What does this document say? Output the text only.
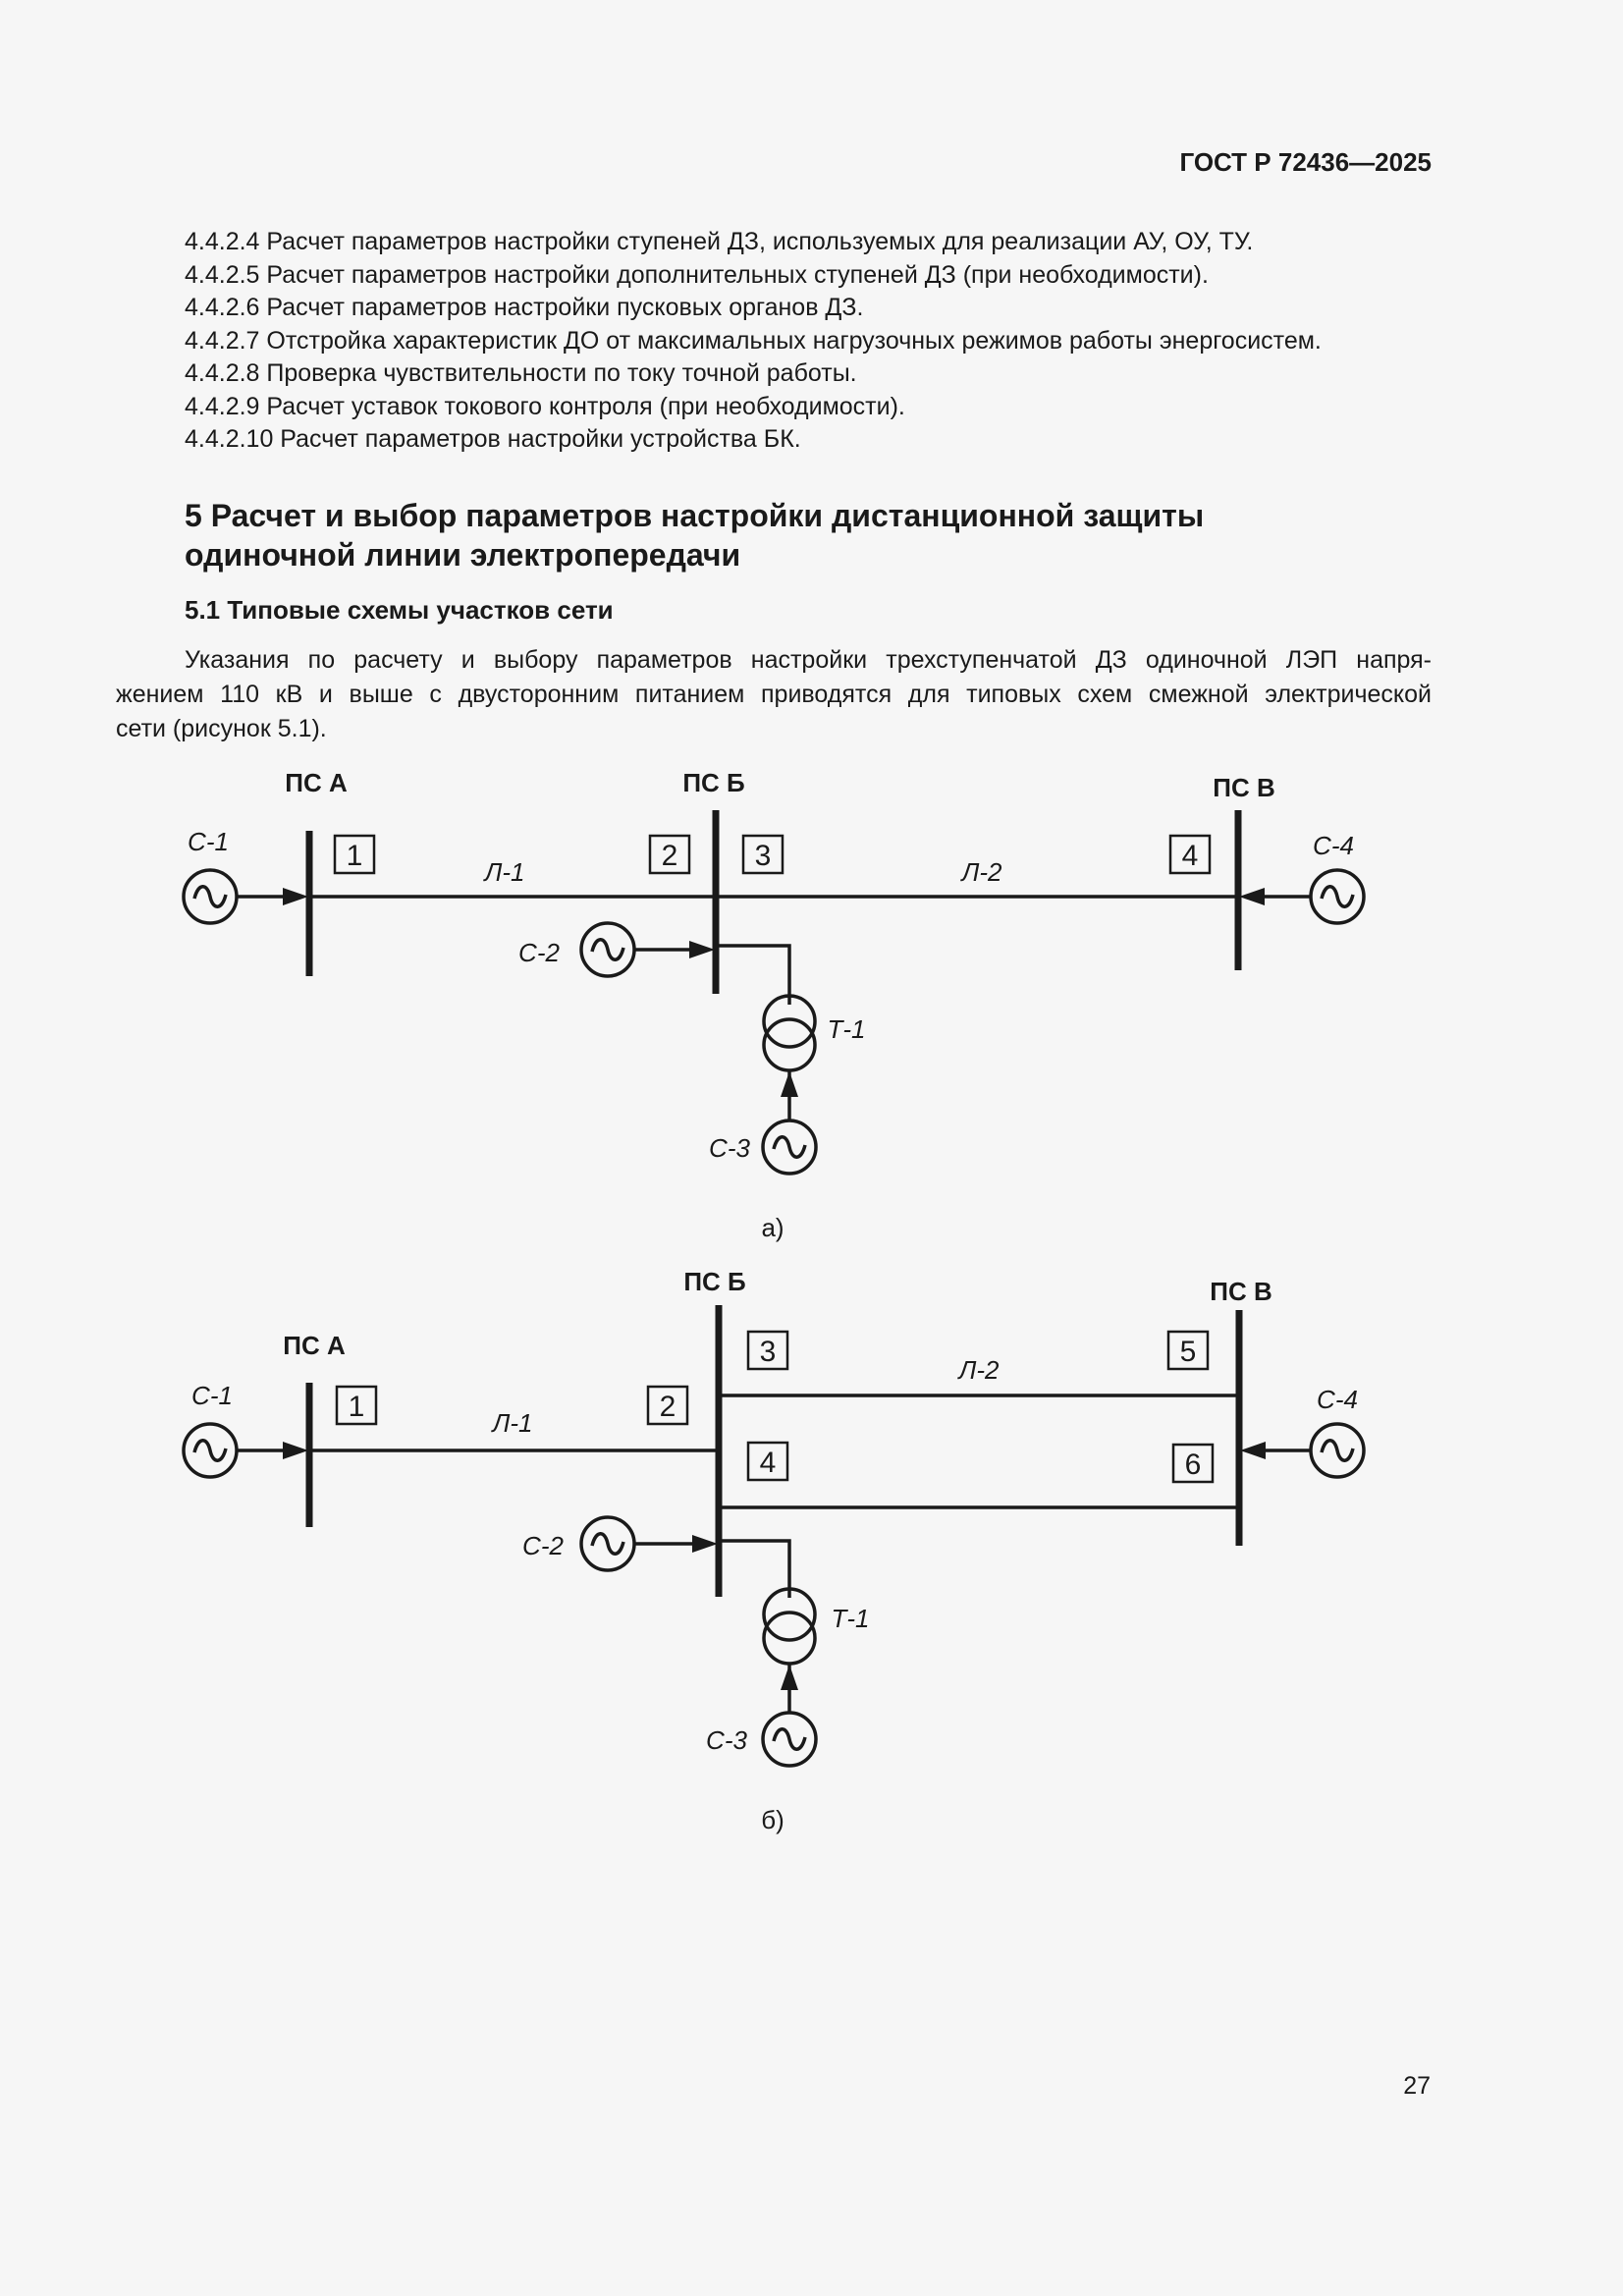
ГОСТ Р 72436—2025
4.4.2.4 Расчет параметров настройки ступеней ДЗ, используемых для реализации АУ, ОУ, ТУ.
4.4.2.5 Расчет параметров настройки дополнительных ступеней ДЗ (при необходимости).
4.4.2.6 Расчет параметров настройки пусковых органов ДЗ.
4.4.2.7 Отстройка характеристик ДО от максимальных нагрузочных режимов работы энергосистем.
4.4.2.8 Проверка чувствительности по току точной работы.
4.4.2.9 Расчет уставок токового контроля (при необходимости).
4.4.2.10 Расчет параметров настройки устройства БК.
5 Расчет и выбор параметров настройки дистанционной защиты
одиночной линии электропередачи
5.1 Типовые схемы участков сети
Указания по расчету и выбору параметров настройки трехступенчатой ДЗ одиночной ЛЭП напря-
жением 110 кВ и выше с двусторонним питанием приводятся для типовых схем смежной электрической
сети (рисунок 5.1).
1	2	3	4
ПС А	ПС Б	ПС В
С-1
С-2
С-3
С-4
Л-1	Л-2
Т-1
а)
1	2
3
4
5
6
ПС А
ПС Б	ПС В
С-1
С-2
С-3
С-4
Л-1
Л-2
Т-1
б)
27
